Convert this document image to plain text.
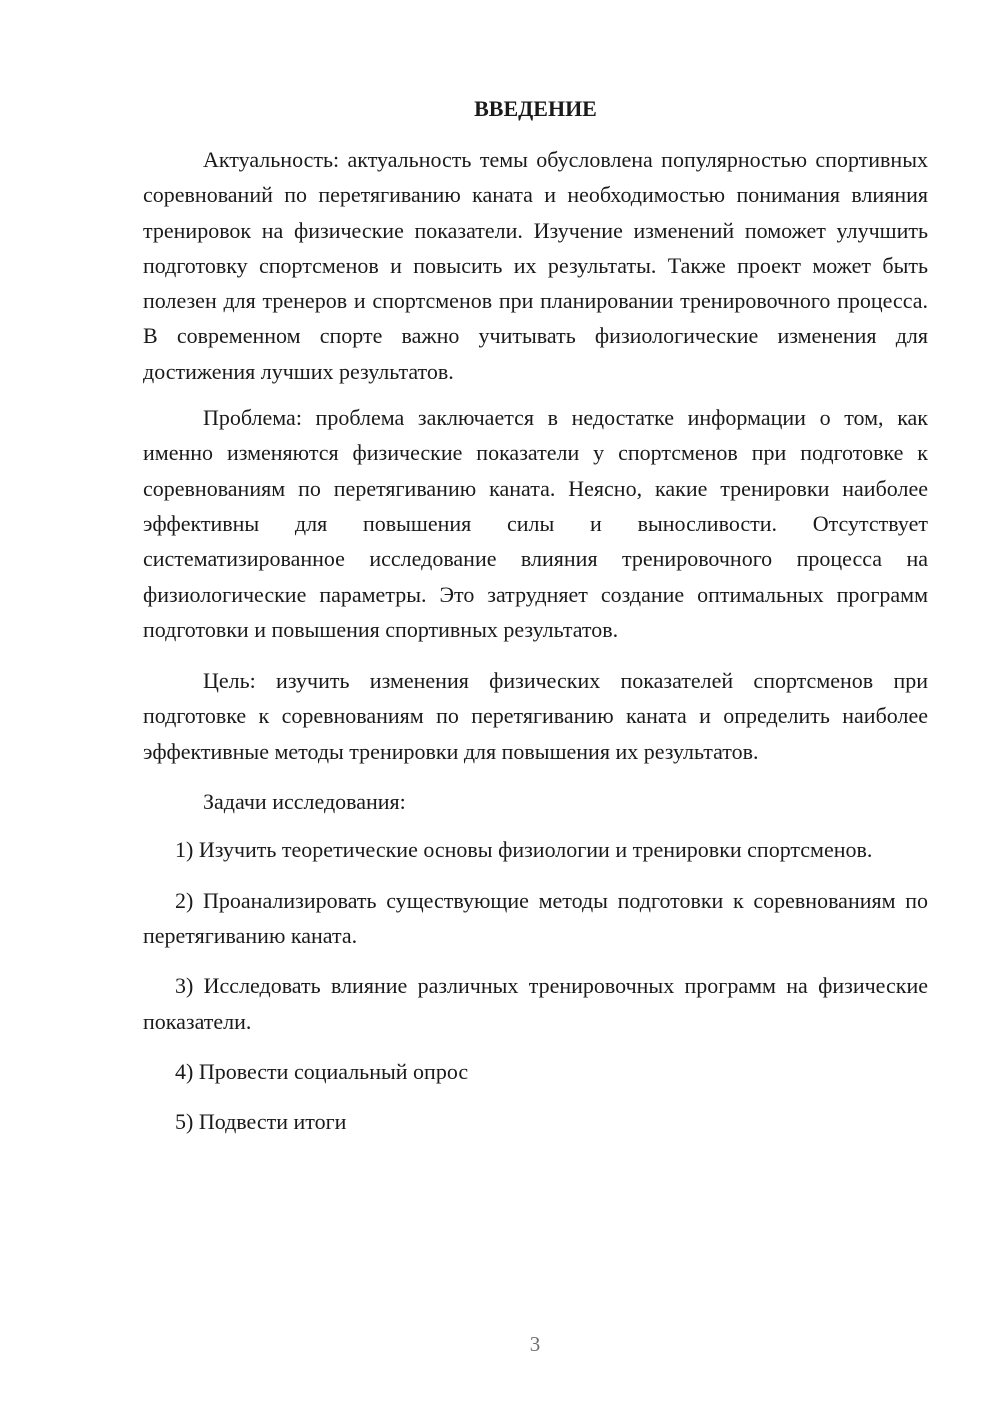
ВВЕДЕНИЕ

Актуальность: актуальность темы обусловлена популярностью спортивных соревнований по перетягиванию каната и необходимостью понимания влияния тренировок на физические показатели. Изучение изменений поможет улучшить подготовку спортсменов и повысить их результаты. Также проект может быть полезен для тренеров и спортсменов при планировании тренировочного процесса. В современном спорте важно учитывать физиологические изменения для достижения лучших результатов.

Проблема: проблема заключается в недостатке информации о том, как именно изменяются физические показатели у спортсменов при подготовке к соревнованиям по перетягиванию каната. Неясно, какие тренировки наиболее эффективны для повышения силы и выносливости. Отсутствует систематизированное исследование влияния тренировочного процесса на физиологические параметры. Это затрудняет создание оптимальных программ подготовки и повышения спортивных результатов.

Цель: изучить изменения физических показателей спортсменов при подготовке к соревнованиям по перетягиванию каната и определить наиболее эффективные методы тренировки для повышения их результатов.

Задачи исследования:

1) Изучить теоретические основы физиологии и тренировки спортсменов.

2) Проанализировать существующие методы подготовки к соревнованиям по перетягиванию каната.

3) Исследовать влияние различных тренировочных программ на физические показатели.

4) Провести социальный опрос

5) Подвести итоги

3
